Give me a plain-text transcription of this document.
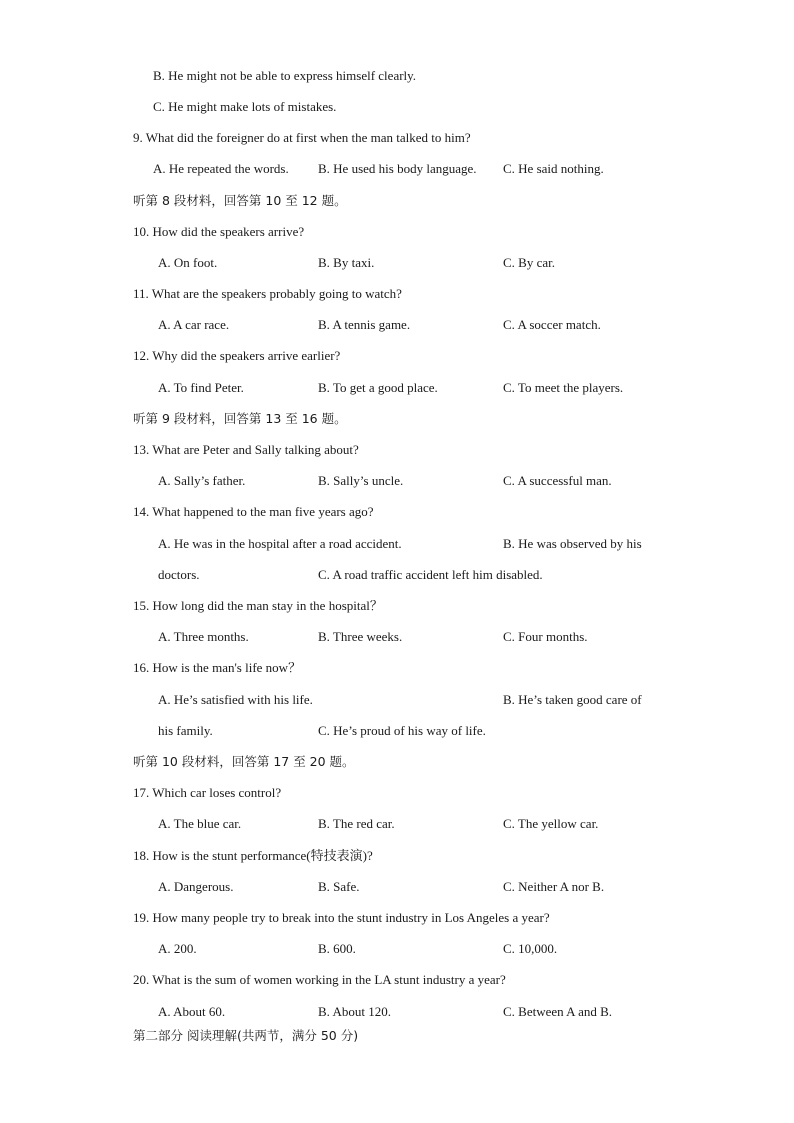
B. He might not be able to express himself clearly.
C. He might make lots of mistakes.
9. What did the foreigner do at first when the man talked to him?
A. He repeated the words. B. He used his body language. C. He said nothing.
听第 8 段材料，回答第 10 至 12 题。
10. How did the speakers arrive?
A. On foot.	B. By taxi.	C. By car.
11. What are the speakers probably going to watch?
A. A car race.	B. A tennis game.	C. A soccer match.
12. Why did the speakers arrive earlier?
A. To find Peter.	B. To get a good place.	C. To meet the players.
听第 9 段材料，回答第 13 至 16 题。
13. What are Peter and Sally talking about?
A. Sally’s father.	B. Sally’s uncle.	C. A successful man.
14. What happened to the man five years ago?
A. He was in the hospital after a road accident.	B. He was observed by his
doctors.	C. A road traffic accident left him disabled.
15. How long did the man stay in the hospital？
A. Three months.	B. Three weeks.	C. Four months.
16. How is the man's life now？
A. He’s satisfied with his life.	B. He’s taken good care of
his family.	C. He’s proud of his way of life.
听第 10 段材料，回答第 17 至 20 题。
17. Which car loses control?
A. The blue car.	B. The red car.	C. The yellow car.
18. How is the stunt performance(特技表演)?
A. Dangerous.	B. Safe.	C. Neither A nor B.
19. How many people try to break into the stunt industry in Los Angeles a year?
A. 200.	B. 600.	C. 10,000.
20. What is the sum of women working in the LA stunt industry a year?
A. About 60.	B. About 120.	C. Between A and B.
第二部分 阅读理解(共两节，满分 50 分)
